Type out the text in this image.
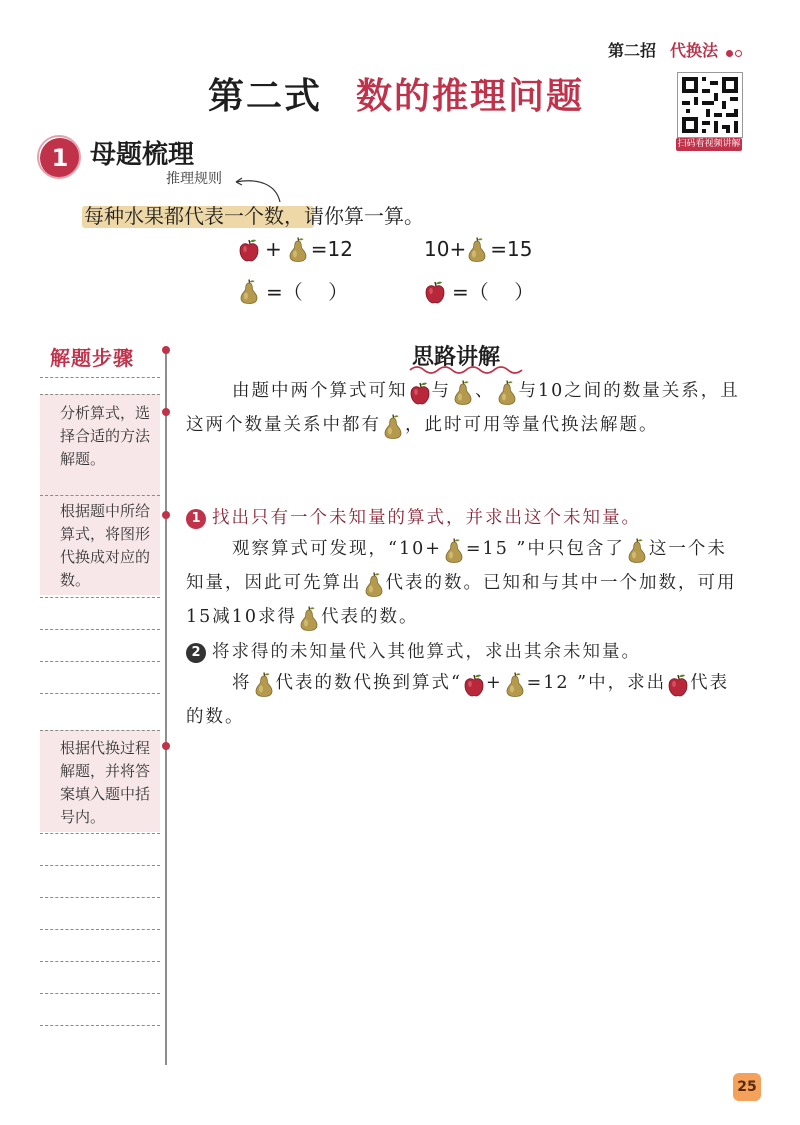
第二招 代换法
第二式 数的推理问题
扫码看视频讲解
1 母题梳理
推理规则
每种水果都代表一个数，请你算一算。
+ =12	10+ =15
=（    ）	=（    ）
解题步骤
分析算式，选择合适的方法解题。
根据题中所给算式，将图形代换成对应的数。
根据代换过程解题，并将答案填入题中括号内。
思路讲解
由题中两个算式可知 与 、 与10之间的数量关系，且这两个数量关系中都有 ，此时可用等量代换法解题。
1 找出只有一个未知量的算式，并求出这个未知量。
观察算式可发现，“10+ =15 ”中只包含了 这一个未知量，因此可先算出 代表的数。已知和与其中一个加数，可用15减10求得 代表的数。
2 将求得的未知量代入其他算式，求出其余未知量。
将 代表的数代换到算式“ + =12 ”中，求出 代表的数。
25
